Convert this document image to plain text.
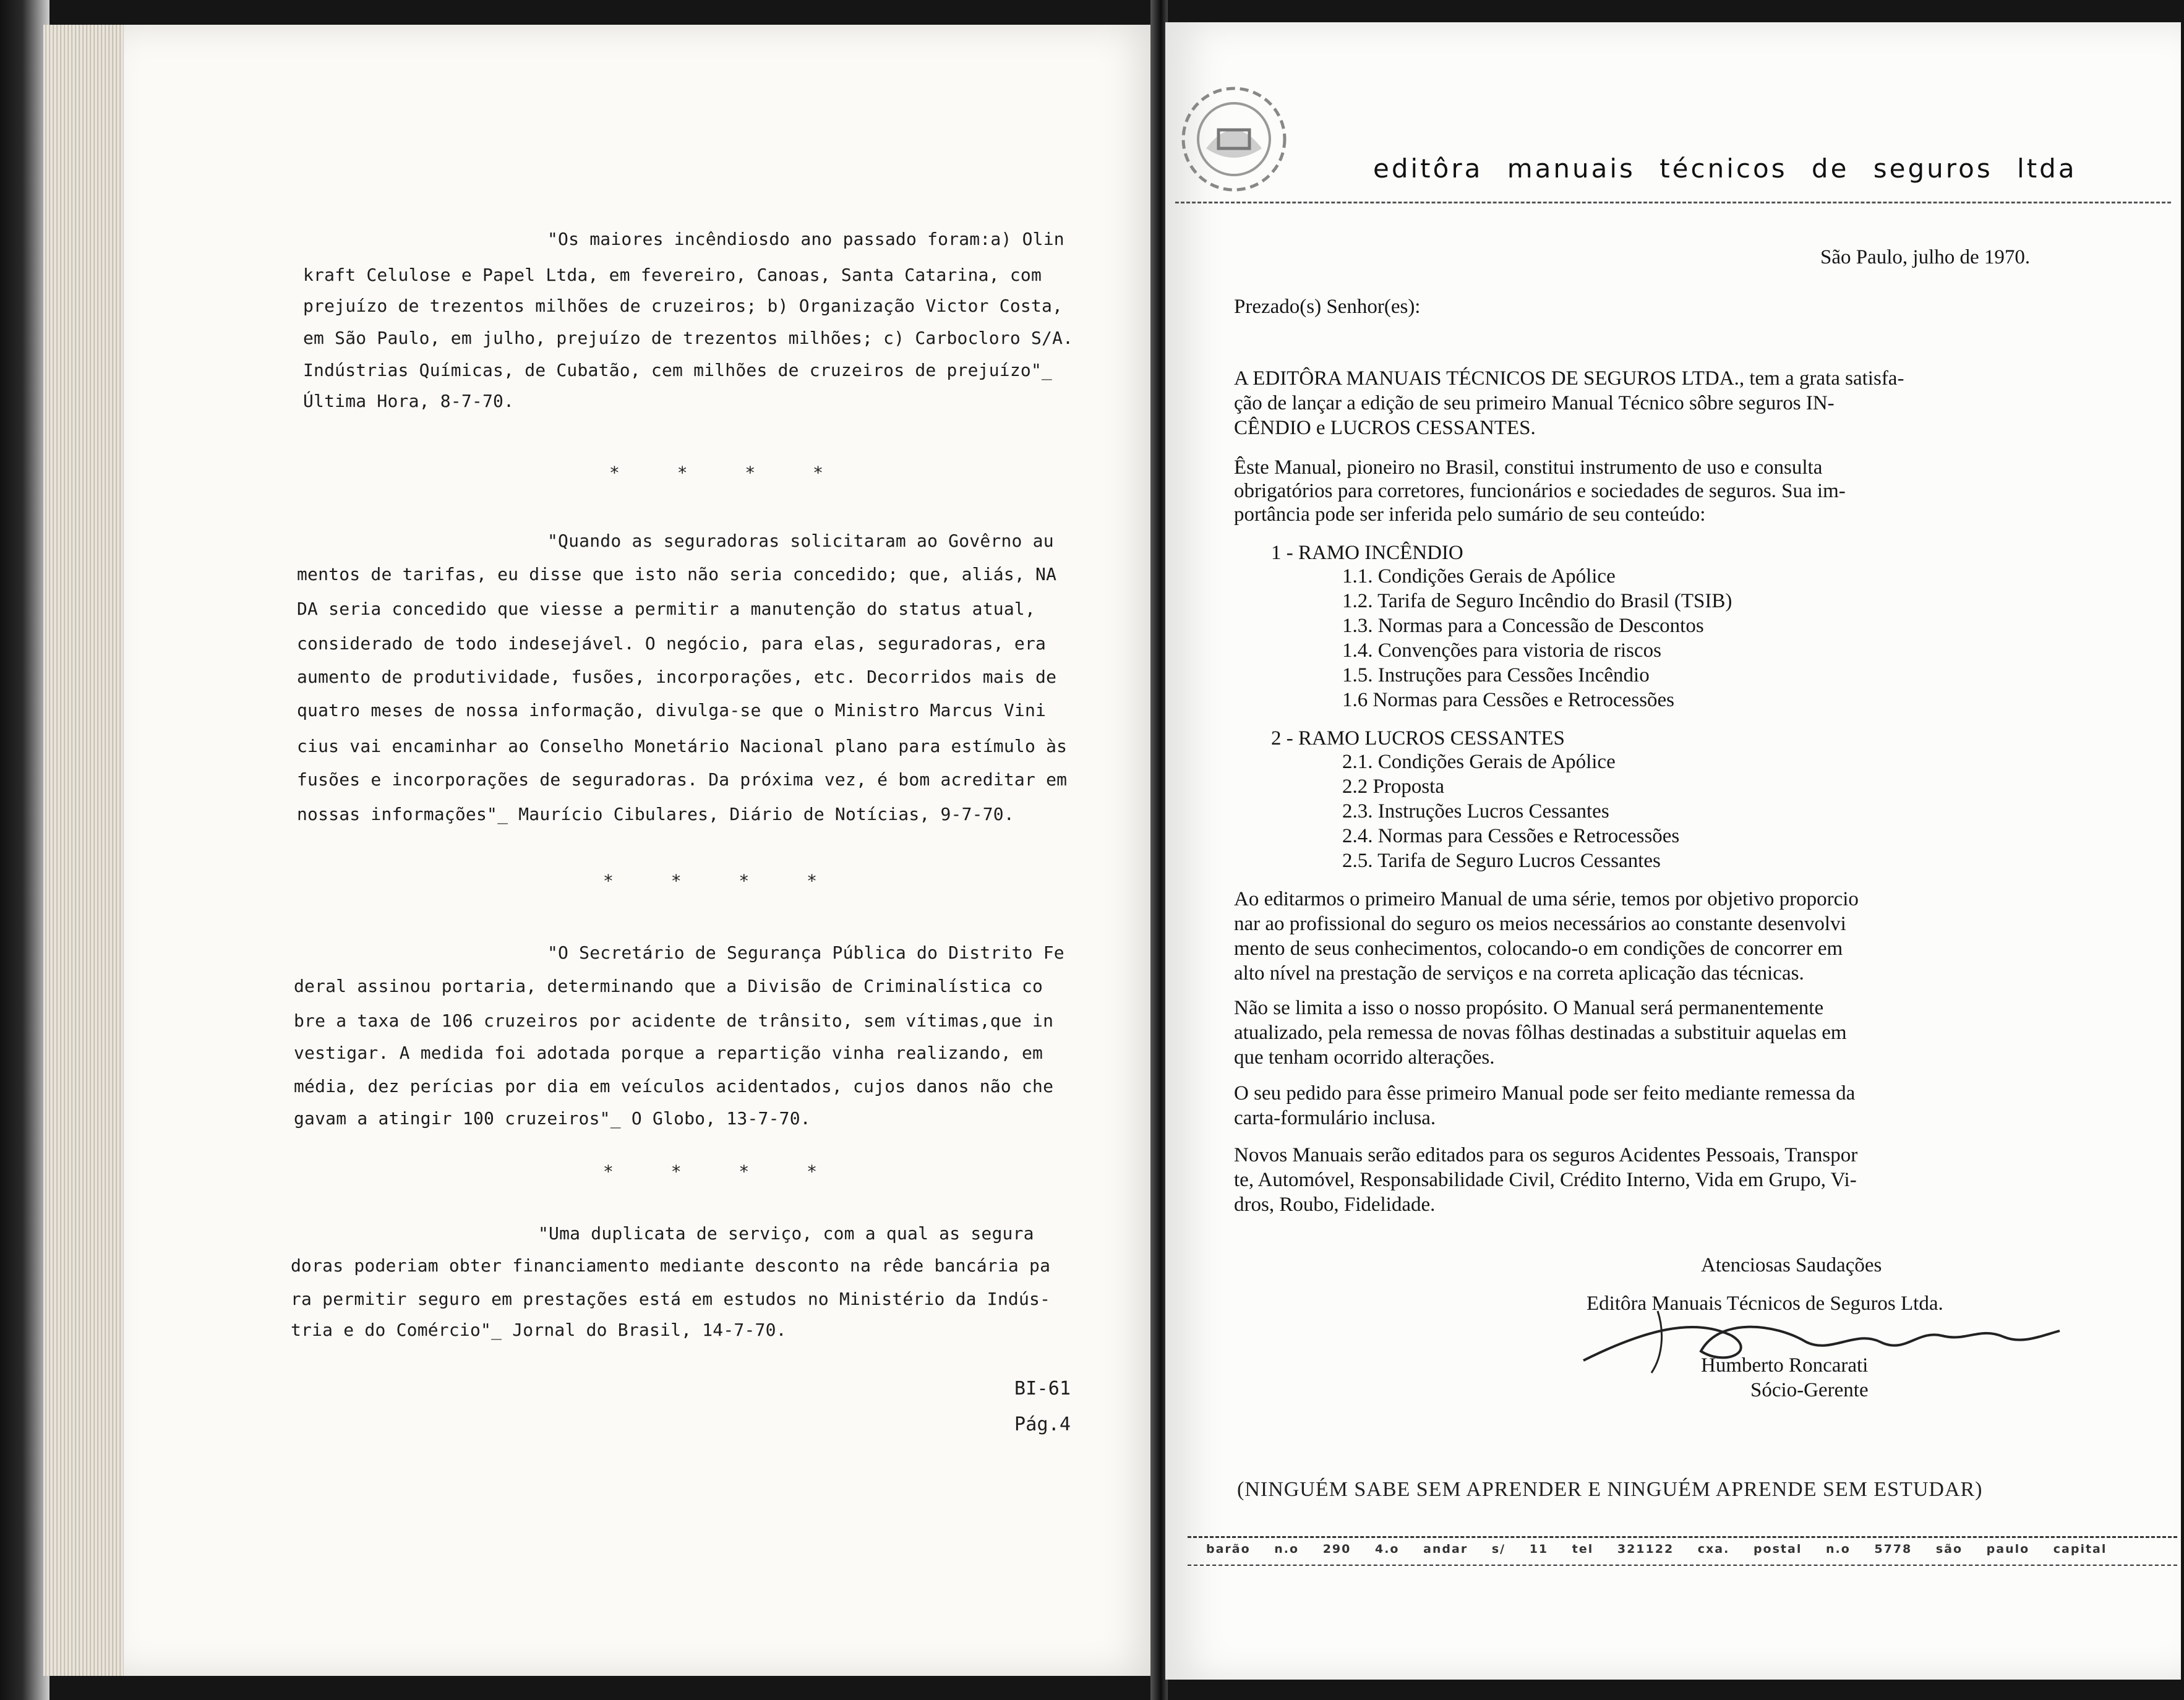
"Os maiores incêndiosdo ano passado foram:a) Olin
kraft Celulose e Papel Ltda, em fevereiro, Canoas, Santa Catarina, com
prejuízo de trezentos milhões de cruzeiros; b) Organização Victor Costa,
em São Paulo, em julho, prejuízo de trezentos milhões; c) Carbocloro S/A.
Indústrias Químicas, de Cubatão, cem milhões de cruzeiros de prejuízo"_
Última Hora, 8-7-70.
* * * *
"Quando as seguradoras solicitaram ao Govêrno au
mentos de tarifas, eu disse que isto não seria concedido; que, aliás, NA
DA seria concedido que viesse a permitir a manutenção do status atual,
considerado de todo indesejável. O negócio, para elas, seguradoras, era
aumento de produtividade, fusões, incorporações, etc. Decorridos mais de
quatro meses de nossa informação, divulga-se que o Ministro Marcus Vini
cius vai encaminhar ao Conselho Monetário Nacional plano para estímulo às
fusões e incorporações de seguradoras. Da próxima vez, é bom acreditar em
nossas informações"_ Maurício Cibulares, Diário de Notícias, 9-7-70.
* * * *
"O Secretário de Segurança Pública do Distrito Fe
deral assinou portaria, determinando que a Divisão de Criminalística co
bre a taxa de 106 cruzeiros por acidente de trânsito, sem vítimas,que in
vestigar. A medida foi adotada porque a repartição vinha realizando, em
média, dez perícias por dia em veículos acidentados, cujos danos não che
gavam a atingir 100 cruzeiros"_ O Globo, 13-7-70.
* * * *
"Uma duplicata de serviço, com a qual as segura
doras poderiam obter financiamento mediante desconto na rêde bancária pa
ra permitir seguro em prestações está em estudos no Ministério da Indús-
tria e do Comércio"_ Jornal do Brasil, 14-7-70.
BI-61
Pág.4
editôra manuais técnicos de seguros ltda
São Paulo, julho de 1970.
Prezado(s) Senhor(es):
A EDITÔRA MANUAIS TÉCNICOS DE SEGUROS LTDA., tem a grata satisfa-
ção de lançar a edição de seu primeiro Manual Técnico sôbre seguros IN-
CÊNDIO e LUCROS CESSANTES.
Êste Manual, pioneiro no Brasil, constitui instrumento de uso e consulta
obrigatórios para corretores, funcionários e sociedades de seguros. Sua im-
portância pode ser inferida pelo sumário de seu conteúdo:
1 - RAMO INCÊNDIO
1.1. Condições Gerais de Apólice
1.2. Tarifa de Seguro Incêndio do Brasil (TSIB)
1.3. Normas para a Concessão de Descontos
1.4. Convenções para vistoria de riscos
1.5. Instruções para Cessões Incêndio
1.6 Normas para Cessões e Retrocessões
2 - RAMO LUCROS CESSANTES
2.1. Condições Gerais de Apólice
2.2 Proposta
2.3. Instruções Lucros Cessantes
2.4. Normas para Cessões e Retrocessões
2.5. Tarifa de Seguro Lucros Cessantes
Ao editarmos o primeiro Manual de uma série, temos por objetivo proporcio
nar ao profissional do seguro os meios necessários ao constante desenvolvi
mento de seus conhecimentos, colocando-o em condições de concorrer em
alto nível na prestação de serviços e na correta aplicação das técnicas.
Não se limita a isso o nosso propósito. O Manual será permanentemente
atualizado, pela remessa de novas fôlhas destinadas a substituir aquelas em
que tenham ocorrido alterações.
O seu pedido para êsse primeiro Manual pode ser feito mediante remessa da
carta-formulário inclusa.
Novos Manuais serão editados para os seguros Acidentes Pessoais, Transpor
te, Automóvel, Responsabilidade Civil, Crédito Interno, Vida em Grupo, Vi-
dros, Roubo, Fidelidade.
Atenciosas Saudações
Editôra Manuais Técnicos de Seguros Ltda.
Humberto Roncarati
Sócio-Gerente
(NINGUÉM SABE SEM APRENDER E NINGUÉM APRENDE SEM ESTUDAR)
barão n.o 290 4.o andar s/ 11 tel 321122 cxa. postal n.o 5778 são paulo capital
